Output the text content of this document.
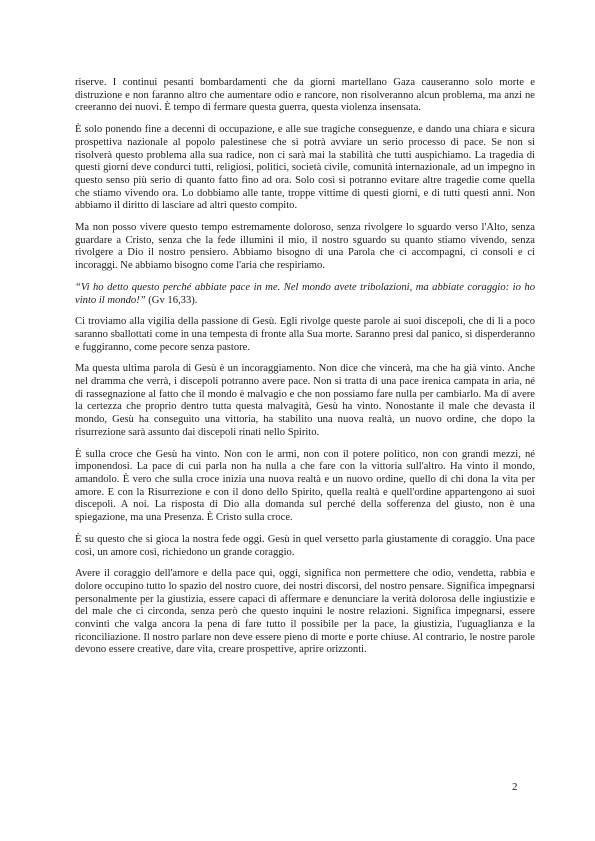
riserve. I continui pesanti bombardamenti che da giorni martellano Gaza causeranno solo morte e distruzione e non faranno altro che aumentare odio e rancore, non risolveranno alcun problema, ma anzi ne creeranno dei nuovi. È tempo di fermare questa guerra, questa violenza insensata.

È solo ponendo fine a decenni di occupazione, e alle sue tragiche conseguenze, e dando una chiara e sicura prospettiva nazionale al popolo palestinese che si potrà avviare un serio processo di pace. Se non si risolverà questo problema alla sua radice, non ci sarà mai la stabilità che tutti auspichiamo. La tragedia di questi giorni deve condurci tutti, religiosi, politici, società civile, comunità internazionale, ad un impegno in questo senso più serio di quanto fatto fino ad ora. Solo così si potranno evitare altre tragedie come quella che stiamo vivendo ora. Lo dobbiamo alle tante, troppe vittime di questi giorni, e di tutti questi anni. Non abbiamo il diritto di lasciare ad altri questo compito.

Ma non posso vivere questo tempo estremamente doloroso, senza rivolgere lo sguardo verso l'Alto, senza guardare a Cristo, senza che la fede illumini il mio, il nostro sguardo su quanto stiamo vivendo, senza rivolgere a Dio il nostro pensiero. Abbiamo bisogno di una Parola che ci accompagni, ci consoli e ci incoraggi. Ne abbiamo bisogno come l'aria che respiriamo.

“Vi ho detto questo perché abbiate pace in me. Nel mondo avete tribolazioni, ma abbiate coraggio: io ho vinto il mondo!” (Gv 16,33).

Ci troviamo alla vigilia della passione di Gesù. Egli rivolge queste parole ai suoi discepoli, che di lì a poco saranno sballottati come in una tempesta di fronte alla Sua morte. Saranno presi dal panico, si disperderanno e fuggiranno, come pecore senza pastore.

Ma questa ultima parola di Gesù è un incoraggiamento. Non dice che vincerà, ma che ha già vinto. Anche nel dramma che verrà, i discepoli potranno avere pace. Non si tratta di una pace irenica campata in aria, né di rassegnazione al fatto che il mondo è malvagio e che non possiamo fare nulla per cambiarlo. Ma di avere la certezza che proprio dentro tutta questa malvagità, Gesù ha vinto. Nonostante il male che devasta il mondo, Gesù ha conseguito una vittoria, ha stabilito una nuova realtà, un nuovo ordine, che dopo la risurrezione sarà assunto dai discepoli rinati nello Spirito.

È sulla croce che Gesù ha vinto. Non con le armi, non con il potere politico, non con grandi mezzi, né imponendosi. La pace di cui parla non ha nulla a che fare con la vittoria sull'altro. Ha vinto il mondo, amandolo. È vero che sulla croce inizia una nuova realtà e un nuovo ordine, quello di chi dona la vita per amore. E con la Risurrezione e con il dono dello Spirito, quella realtà e quell'ordine appartengono ai suoi discepoli. A noi. La risposta di Dio alla domanda sul perché della sofferenza del giusto, non è una spiegazione, ma una Presenza. È Cristo sulla croce.

È su questo che si gioca la nostra fede oggi. Gesù in quel versetto parla giustamente di coraggio. Una pace così, un amore così, richiedono un grande coraggio.

Avere il coraggio dell'amore e della pace qui, oggi, significa non permettere che odio, vendetta, rabbia e dolore occupino tutto lo spazio del nostro cuore, dei nostri discorsi, del nostro pensare. Significa impegnarsi personalmente per la giustizia, essere capaci di affermare e denunciare la verità dolorosa delle ingiustizie e del male che ci circonda, senza però che questo inquini le nostre relazioni. Significa impegnarsi, essere convinti che valga ancora la pena di fare tutto il possibile per la pace, la giustizia, l'uguaglianza e la riconciliazione. Il nostro parlare non deve essere pieno di morte e porte chiuse. Al contrario, le nostre parole devono essere creative, dare vita, creare prospettive, aprire orizzonti.

2
